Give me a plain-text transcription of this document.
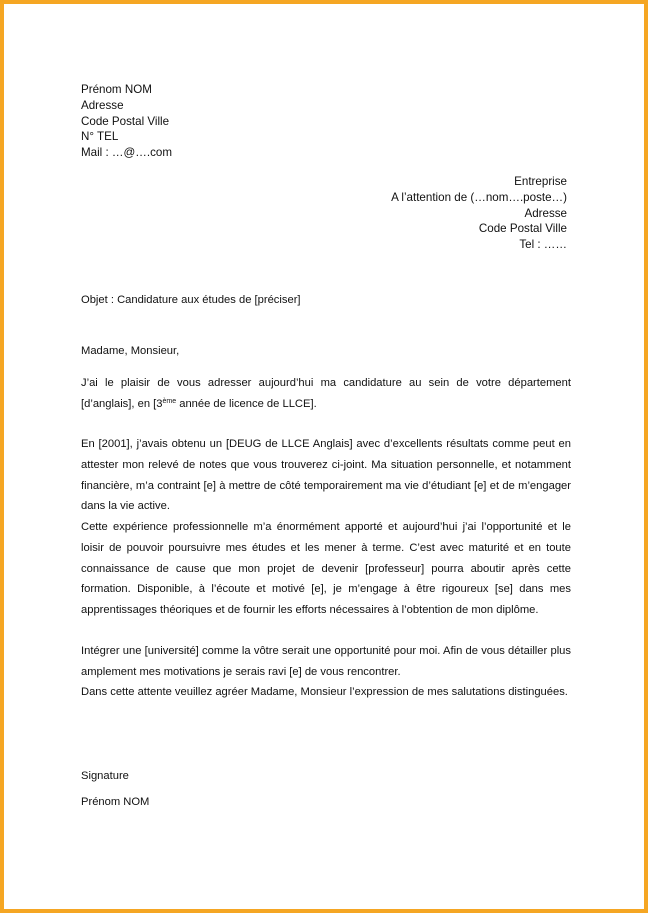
Prénom NOM
Adresse
Code Postal Ville
N° TEL
Mail : …@….com
Entreprise
A l’attention de (…nom….poste…)
Adresse
Code Postal Ville
Tel : ……

Objet : Candidature aux études de [préciser]

Madame, Monsieur,

J’ai le plaisir de vous adresser aujourd’hui ma candidature au sein de votre département [d’anglais], en [3ème année de licence de LLCE].

En [2001], j’avais obtenu un [DEUG de LLCE Anglais] avec d’excellents résultats comme peut en attester mon relevé de notes que vous trouverez ci-joint. Ma situation personnelle, et notamment financière, m’a contraint [e] à mettre de côté temporairement ma vie d’étudiant [e] et de m’engager dans la vie active.

Cette expérience professionnelle m’a énormément apporté et aujourd’hui j’ai l’opportunité et le loisir de pouvoir poursuivre mes études et les mener à terme. C’est avec maturité et en toute connaissance de cause que mon projet de devenir [professeur] pourra aboutir après cette formation. Disponible, à l’écoute et motivé [e], je m’engage à être rigoureux [se] dans mes apprentissages théoriques et de fournir les efforts nécessaires à l’obtention de mon diplôme.

Intégrer une [université] comme la vôtre serait une opportunité pour moi. Afin de vous détailler plus amplement mes motivations je serais ravi [e] de vous rencontrer.

Dans cette attente veuillez agréer Madame, Monsieur l’expression de mes salutations distinguées.

Signature

Prénom NOM
